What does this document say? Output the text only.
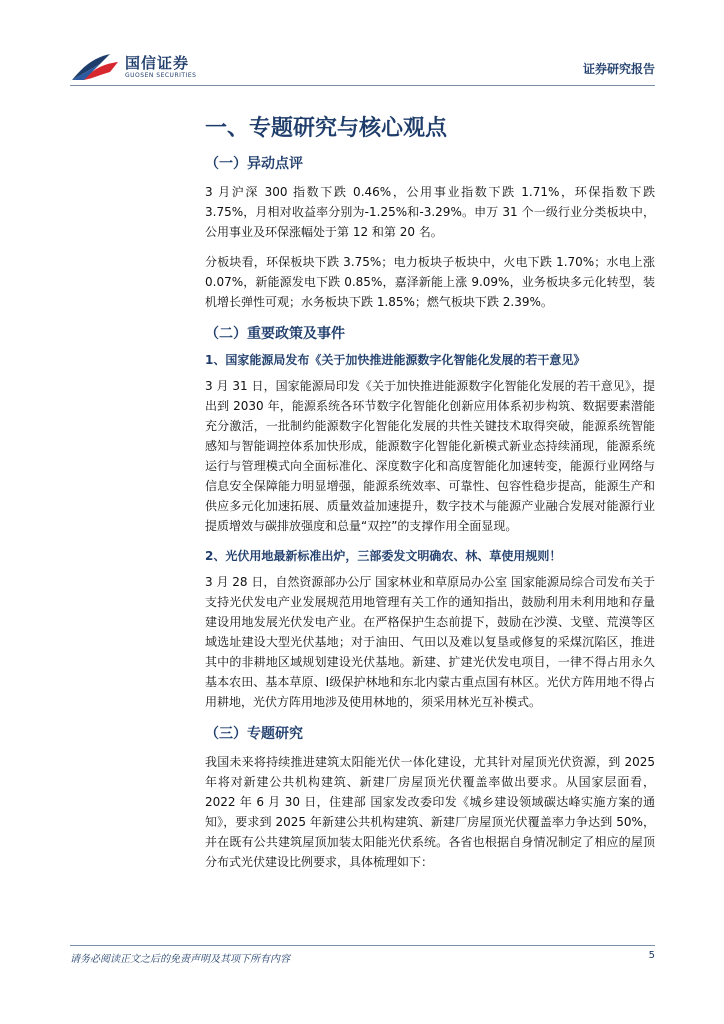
国信证券
GUOSEN SECURITIES	证券研究报告
一、专题研究与核心观点
（一）异动点评
3 月沪深 300 指数下跌 0.46%，公用事业指数下跌 1.71%，环保指数下跌 3.75%，月相对收益率分别为-1.25%和-3.29%。申万 31 个一级行业分类板块中，公用事业及环保涨幅处于第 12 和第 20 名。
分板块看，环保板块下跌 3.75%；电力板块子板块中，火电下跌 1.70%；水电上涨 0.07%，新能源发电下跌 0.85%，嘉泽新能上涨 9.09%，业务板块多元化转型，装机增长弹性可观；水务板块下跌 1.85%；燃气板块下跌 2.39%。
（二）重要政策及事件
1、国家能源局发布《关于加快推进能源数字化智能化发展的若干意见》
3 月 31 日，国家能源局印发《关于加快推进能源数字化智能化发展的若干意见》，提出到 2030 年，能源系统各环节数字化智能化创新应用体系初步构筑、数据要素潜能充分激活，一批制约能源数字化智能化发展的共性关键技术取得突破，能源系统智能感知与智能调控体系加快形成，能源数字化智能化新模式新业态持续涌现，能源系统运行与管理模式向全面标准化、深度数字化和高度智能化加速转变，能源行业网络与信息安全保障能力明显增强，能源系统效率、可靠性、包容性稳步提高，能源生产和供应多元化加速拓展、质量效益加速提升，数字技术与能源产业融合发展对能源行业提质增效与碳排放强度和总量“双控”的支撑作用全面显现。
2、光伏用地最新标准出炉，三部委发文明确农、林、草使用规则！
3 月 28 日，自然资源部办公厅 国家林业和草原局办公室 国家能源局综合司发布关于支持光伏发电产业发展规范用地管理有关工作的通知指出，鼓励利用未利用地和存量建设用地发展光伏发电产业。在严格保护生态前提下，鼓励在沙漠、戈壁、荒漠等区域选址建设大型光伏基地；对于油田、气田以及难以复垦或修复的采煤沉陷区，推进其中的非耕地区域规划建设光伏基地。新建、扩建光伏发电项目，一律不得占用永久基本农田、基本草原、Ⅰ级保护林地和东北内蒙古重点国有林区。光伏方阵用地不得占用耕地，光伏方阵用地涉及使用林地的，须采用林光互补模式。
（三）专题研究
我国未来将持续推进建筑太阳能光伏一体化建设，尤其针对屋顶光伏资源，到 2025 年将对新建公共机构建筑、新建厂房屋顶光伏覆盖率做出要求。从国家层面看，2022 年 6 月 30 日，住建部 国家发改委印发《城乡建设领域碳达峰实施方案的通知》，要求到 2025 年新建公共机构建筑、新建厂房屋顶光伏覆盖率力争达到 50%，并在既有公共建筑屋顶加装太阳能光伏系统。各省也根据自身情况制定了相应的屋顶分布式光伏建设比例要求，具体梳理如下：
请务必阅读正文之后的免责声明及其项下所有内容	5
